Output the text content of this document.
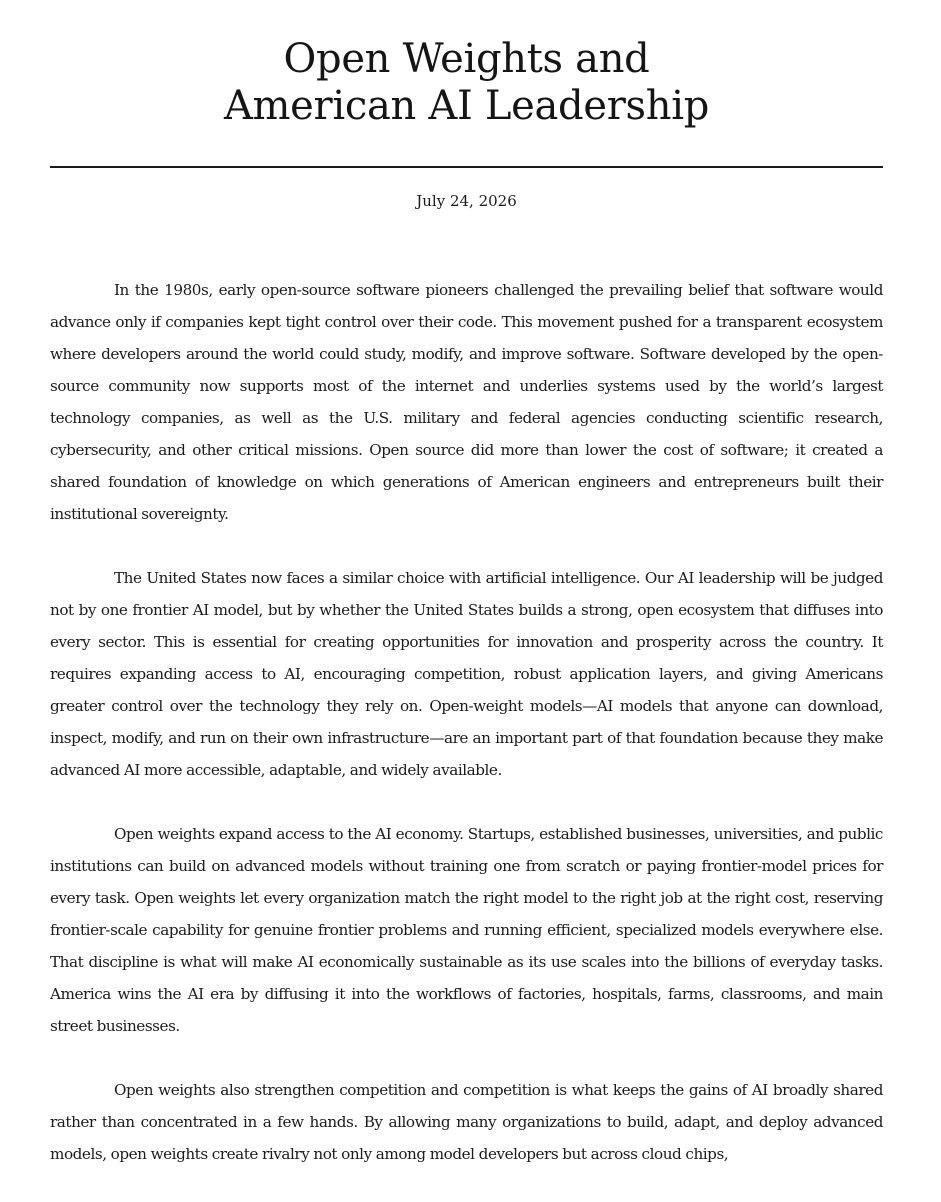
Open Weights and
American AI Leadership
July 24, 2026

In the 1980s, early open-source software pioneers challenged the prevailing belief that software would advance only if companies kept tight control over their code. This movement pushed for a transparent ecosystem where developers around the world could study, modify, and improve software. Software developed by the open-source community now supports most of the internet and underlies systems used by the world’s largest technology companies, as well as the U.S. military and federal agencies conducting scientific research, cybersecurity, and other critical missions. Open source did more than lower the cost of software; it created a shared foundation of knowledge on which generations of American engineers and entrepreneurs built their institutional sovereignty.

The United States now faces a similar choice with artificial intelligence. Our AI leadership will be judged not by one frontier AI model, but by whether the United States builds a strong, open ecosystem that diffuses into every sector. This is essential for creating opportunities for innovation and prosperity across the country. It requires expanding access to AI, encouraging competition, robust application layers, and giving Americans greater control over the technology they rely on. Open-weight models—AI models that anyone can download, inspect, modify, and run on their own infrastructure—are an important part of that foundation because they make advanced AI more accessible, adaptable, and widely available.

Open weights expand access to the AI economy. Startups, established businesses, universities, and public institutions can build on advanced models without training one from scratch or paying frontier-model prices for every task. Open weights let every organization match the right model to the right job at the right cost, reserving frontier-scale capability for genuine frontier problems and running efficient, specialized models everywhere else. That discipline is what will make AI economically sustainable as its use scales into the billions of everyday tasks. America wins the AI era by diffusing it into the workflows of factories, hospitals, farms, classrooms, and main street businesses.

Open weights also strengthen competition and competition is what keeps the gains of AI broadly shared rather than concentrated in a few hands. By allowing many organizations to build, adapt, and deploy advanced models, open weights create rivalry not only among model developers but across cloud chips,
